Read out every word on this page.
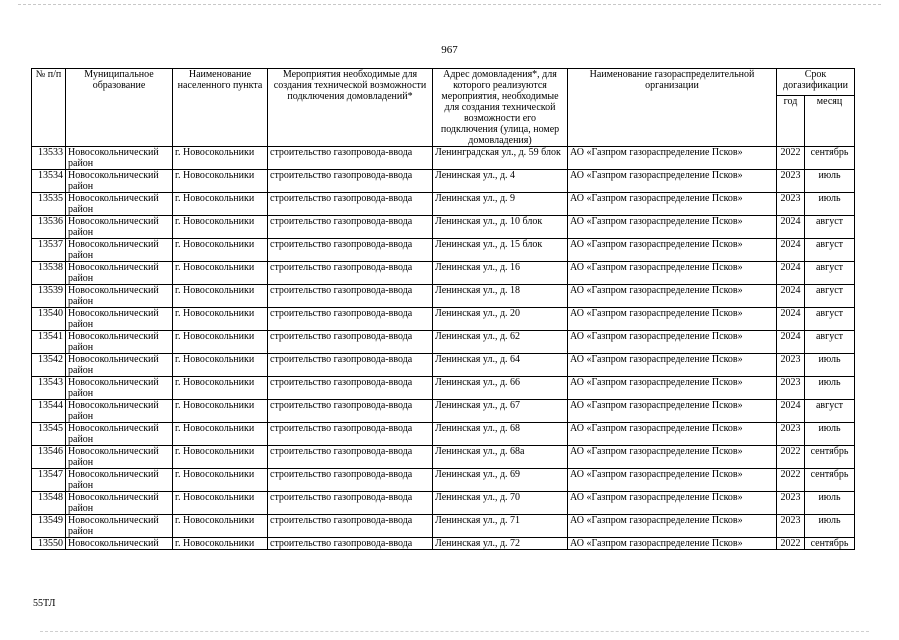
967
№ п/п	Муниципальное образование	Наименование населенного пункта	Мероприятия необходимые для создания технической возможности подключения домовладений*	Адрес домовладения*, для которого реализуются мероприятия, необходимые для создания технической возможности его подключения (улица, номер домовладения)	Наименование газораспределительной организации	Срок догазификации	
						год	месяц
13533	Новосокольнический район	г. Новосокольники	строительство газопровода-ввода	Ленинградская ул., д. 59 блок	АО «Газпром газораспределение Псков»	2022	сентябрь
13534	Новосокольнический район	г. Новосокольники	строительство газопровода-ввода	Ленинская ул., д. 4	АО «Газпром газораспределение Псков»	2023	июль
13535	Новосокольнический район	г. Новосокольники	строительство газопровода-ввода	Ленинская ул., д. 9	АО «Газпром газораспределение Псков»	2023	июль
13536	Новосокольнический район	г. Новосокольники	строительство газопровода-ввода	Ленинская ул., д. 10 блок	АО «Газпром газораспределение Псков»	2024	август
13537	Новосокольнический район	г. Новосокольники	строительство газопровода-ввода	Ленинская ул., д. 15 блок	АО «Газпром газораспределение Псков»	2024	август
13538	Новосокольнический район	г. Новосокольники	строительство газопровода-ввода	Ленинская ул., д. 16	АО «Газпром газораспределение Псков»	2024	август
13539	Новосокольнический район	г. Новосокольники	строительство газопровода-ввода	Ленинская ул., д. 18	АО «Газпром газораспределение Псков»	2024	август
13540	Новосокольнический район	г. Новосокольники	строительство газопровода-ввода	Ленинская ул., д. 20	АО «Газпром газораспределение Псков»	2024	август
13541	Новосокольнический район	г. Новосокольники	строительство газопровода-ввода	Ленинская ул., д. 62	АО «Газпром газораспределение Псков»	2024	август
13542	Новосокольнический район	г. Новосокольники	строительство газопровода-ввода	Ленинская ул., д. 64	АО «Газпром газораспределение Псков»	2023	июль
13543	Новосокольнический район	г. Новосокольники	строительство газопровода-ввода	Ленинская ул., д. 66	АО «Газпром газораспределение Псков»	2023	июль
13544	Новосокольнический район	г. Новосокольники	строительство газопровода-ввода	Ленинская ул., д. 67	АО «Газпром газораспределение Псков»	2024	август
13545	Новосокольнический район	г. Новосокольники	строительство газопровода-ввода	Ленинская ул., д. 68	АО «Газпром газораспределение Псков»	2023	июль
13546	Новосокольнический район	г. Новосокольники	строительство газопровода-ввода	Ленинская ул., д. 68а	АО «Газпром газораспределение Псков»	2022	сентябрь
13547	Новосокольнический район	г. Новосокольники	строительство газопровода-ввода	Ленинская ул., д. 69	АО «Газпром газораспределение Псков»	2022	сентябрь
13548	Новосокольнический район	г. Новосокольники	строительство газопровода-ввода	Ленинская ул., д. 70	АО «Газпром газораспределение Псков»	2023	июль
13549	Новосокольнический район	г. Новосокольники	строительство газопровода-ввода	Ленинская ул., д. 71	АО «Газпром газораспределение Псков»	2023	июль
13550	Новосокольнический	г. Новосокольники	строительство газопровода-ввода	Ленинская ул., д. 72	АО «Газпром газораспределение Псков»	2022	сентябрь
55ТЛ
